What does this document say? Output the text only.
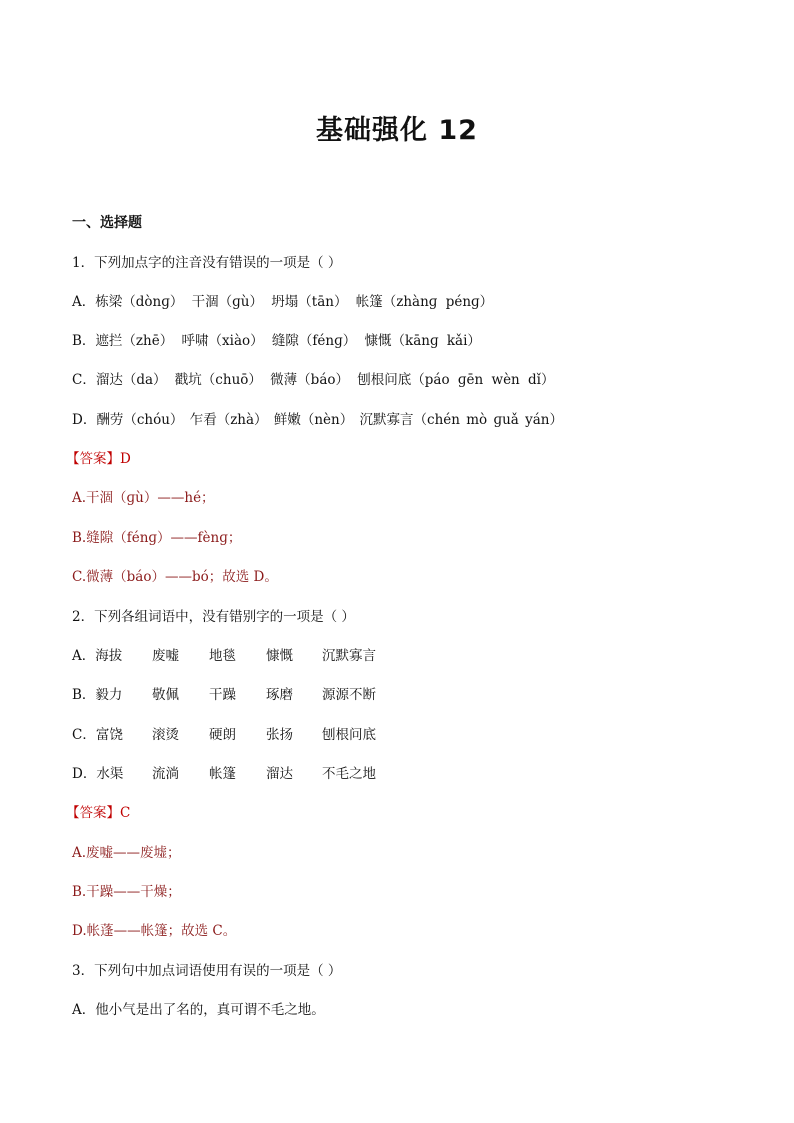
基础强化 12
一、选择题
1．下列加点字的注音没有错误的一项是（ ）
A．栋梁（dònɡ） 干涸（ɡù） 坍塌（tān） 帐篷（zhànɡ pénɡ）
B．遮拦（zhē） 呼啸（xiào） 缝隙（fénɡ） 慷慨（kānɡ kǎi）
C．溜达（da） 戳坑（chuō） 微薄（báo） 刨根问底（páo ɡēn wèn dǐ）
D．酬劳（chóu） 乍看（zhà） 鲜嫩（nèn） 沉默寡言（chén mò ɡuǎ yán）
【答案】D
A.干涸（ɡù）——hé；
B.缝隙（fénɡ）——fènɡ；
C.微薄（báo）——bó；故选 D。
2．下列各组词语中，没有错别字的一项是（ ）
A．海拔 废嘘 地毯 慷慨 沉默寡言
B．毅力 敬佩 干躁 琢磨 源源不断
C．富饶 滚烫 硬朗 张扬 刨根问底
D．水渠 流淌 帐篷 溜达 不毛之地
【答案】C
A.废嘘——废墟；
B.干躁——干燥；
D.帐蓬——帐篷；故选 C。
3．下列句中加点词语使用有误的一项是（ ）
A．他小气是出了名的，真可谓不毛之地。
